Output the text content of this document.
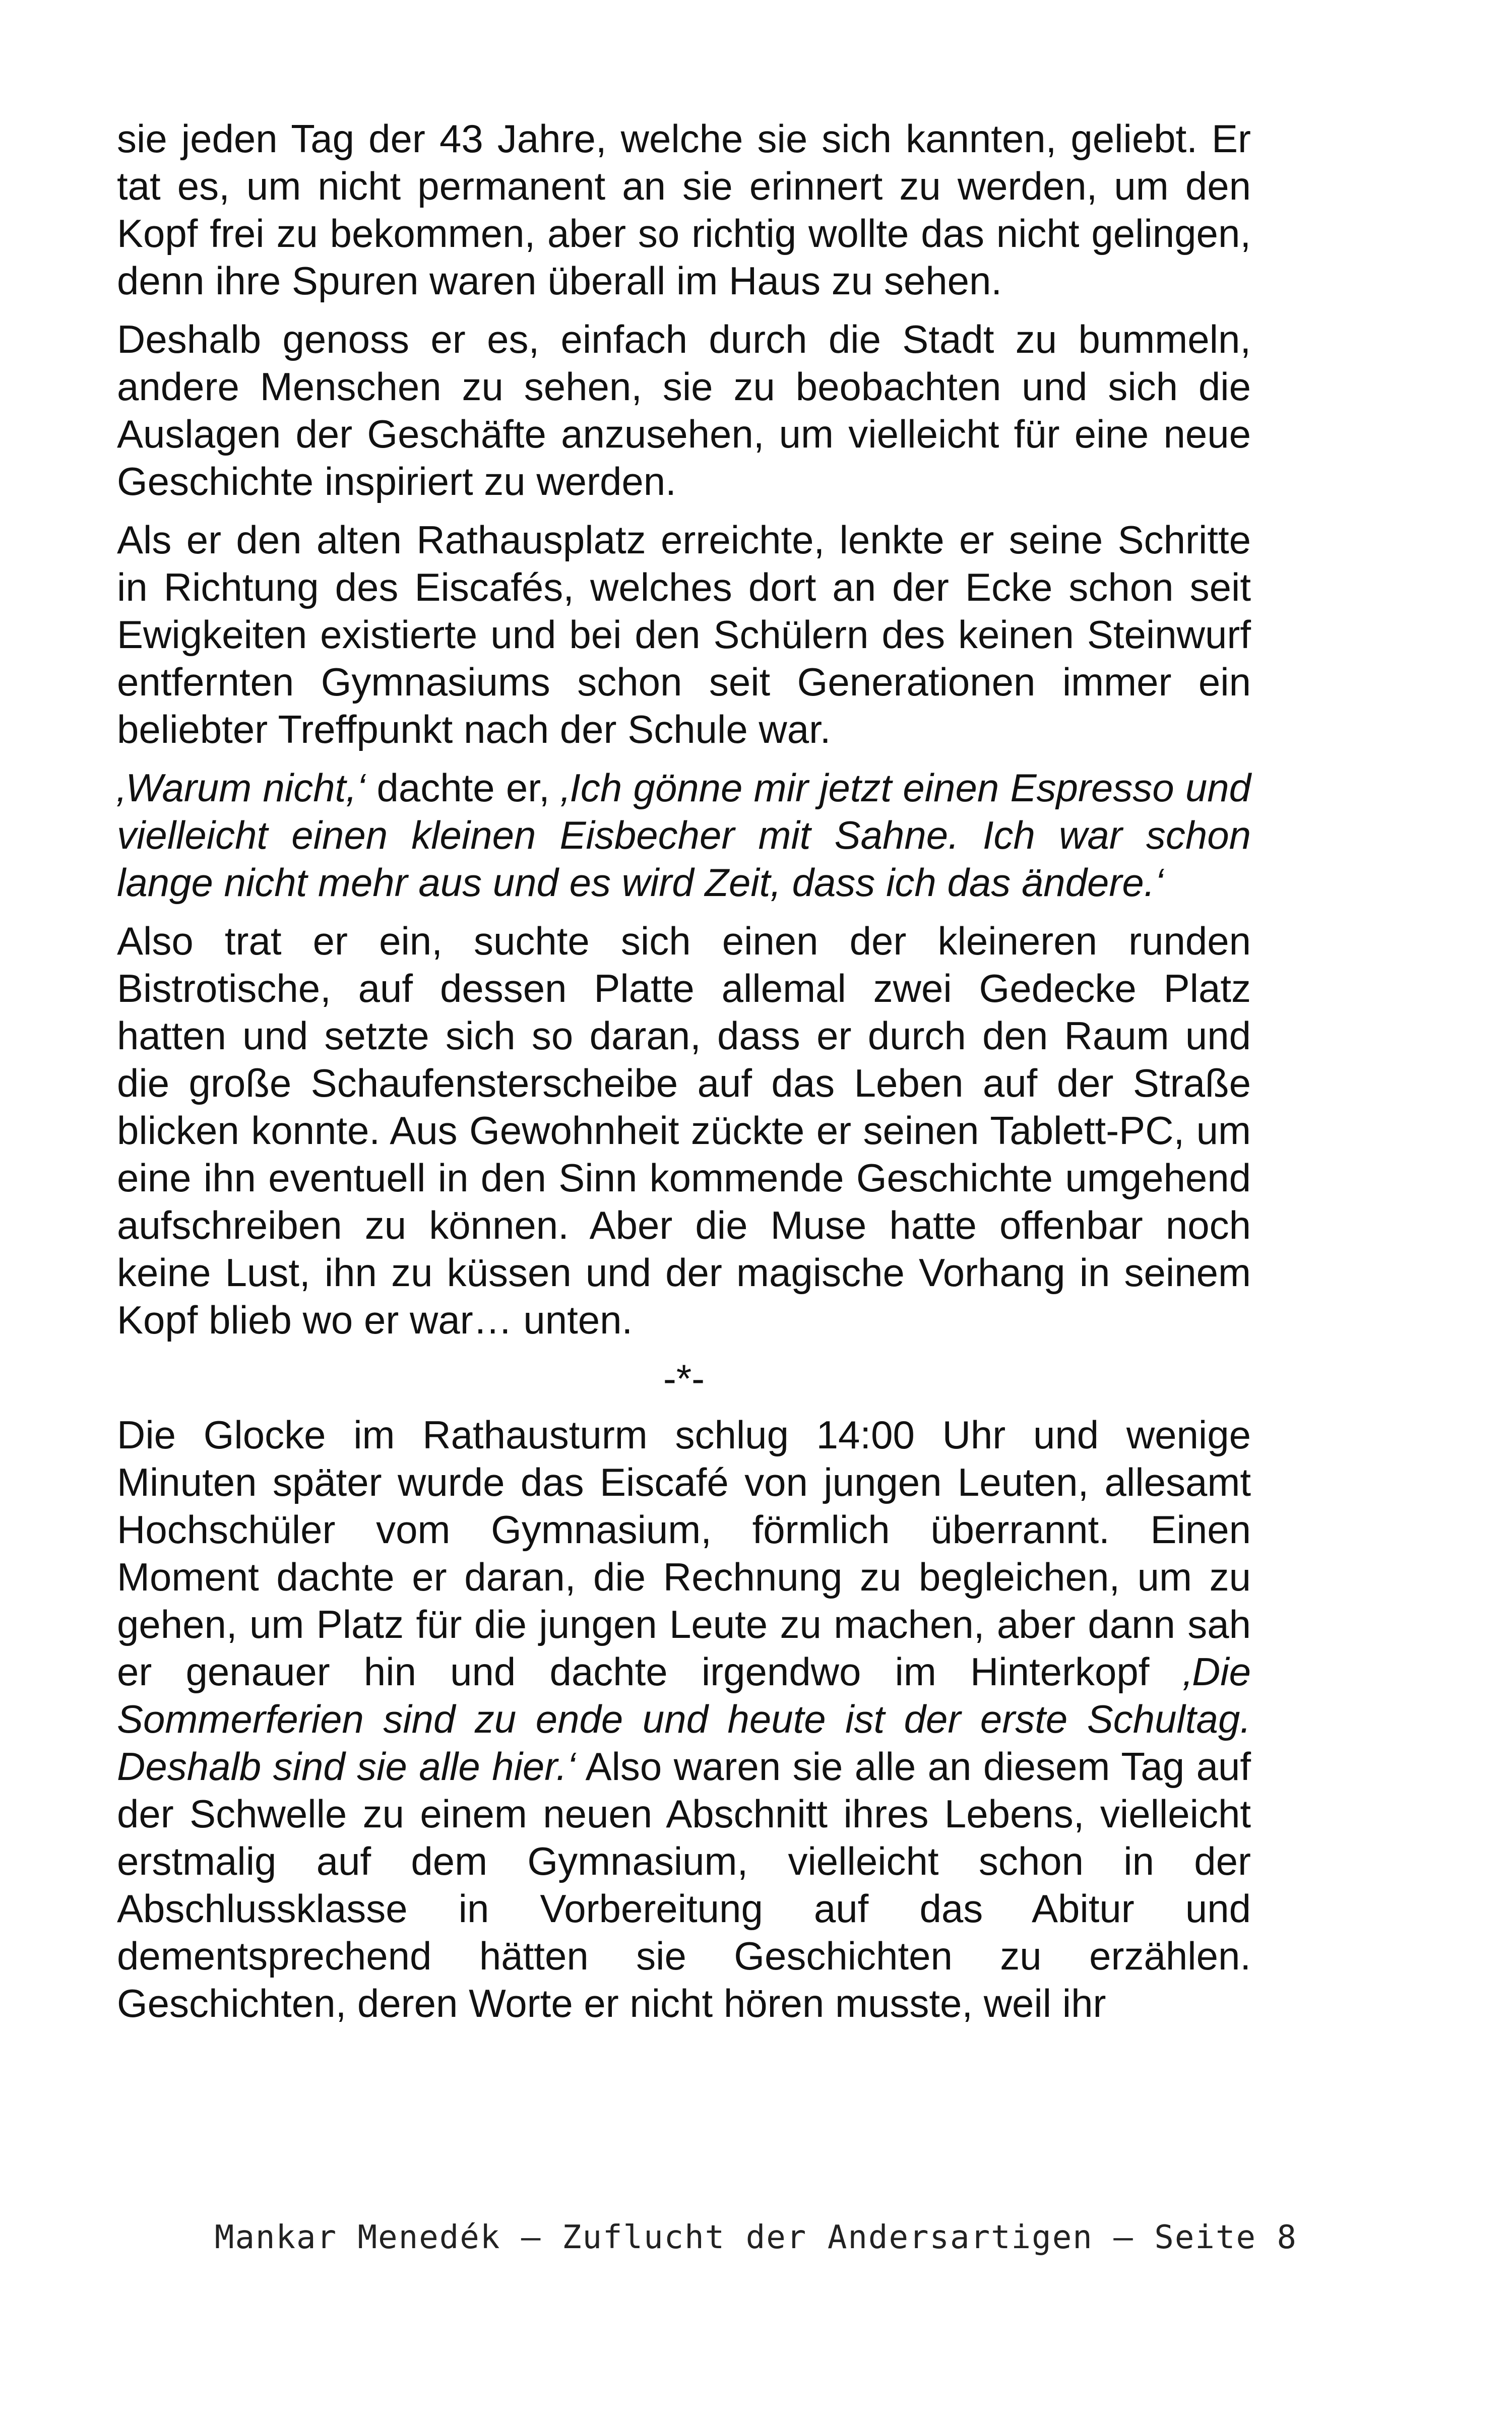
sie jeden Tag der 43 Jahre, welche sie sich kannten, geliebt. Er tat es, um nicht permanent an sie erinnert zu werden, um den Kopf frei zu bekommen, aber so richtig wollte das nicht gelingen, denn ihre Spuren waren überall im Haus zu sehen.

Deshalb genoss er es, einfach durch die Stadt zu bummeln, andere Menschen zu sehen, sie zu beobachten und sich die Auslagen der Geschäfte anzusehen, um vielleicht für eine neue Geschichte inspiriert zu werden.

Als er den alten Rathausplatz erreichte, lenkte er seine Schritte in Richtung des Eiscafés, welches dort an der Ecke schon seit Ewigkeiten existierte und bei den Schülern des keinen Steinwurf entfernten Gymnasiums schon seit Generationen immer ein beliebter Treffpunkt nach der Schule war.

‚Warum nicht,‘ dachte er, ‚Ich gönne mir jetzt einen Espresso und vielleicht einen kleinen Eisbecher mit Sahne. Ich war schon lange nicht mehr aus und es wird Zeit, dass ich das ändere.‘

Also trat er ein, suchte sich einen der kleineren runden Bistrotische, auf dessen Platte allemal zwei Gedecke Platz hatten und setzte sich so daran, dass er durch den Raum und die große Schaufensterscheibe auf das Leben auf der Straße blicken konnte. Aus Gewohnheit zückte er seinen Tablett-PC, um eine ihn eventuell in den Sinn kommende Geschichte umgehend aufschreiben zu können. Aber die Muse hatte offenbar noch keine Lust, ihn zu küssen und der magische Vorhang in seinem Kopf blieb wo er war… unten.

-*-

Die Glocke im Rathausturm schlug 14:00 Uhr und wenige Minuten später wurde das Eiscafé von jungen Leuten, allesamt Hochschüler vom Gymnasium, förmlich überrannt. Einen Moment dachte er daran, die Rechnung zu begleichen, um zu gehen, um Platz für die jungen Leute zu machen, aber dann sah er genauer hin und dachte irgendwo im Hinterkopf ‚Die Sommerferien sind zu ende und heute ist der erste Schultag. Deshalb sind sie alle hier.‘ Also waren sie alle an diesem Tag auf der Schwelle zu einem neuen Abschnitt ihres Lebens, vielleicht erstmalig auf dem Gymnasium, vielleicht schon in der Abschlussklasse in Vorbereitung auf das Abitur und dementsprechend hätten sie Geschichten zu erzählen. Geschichten, deren Worte er nicht hören musste, weil ihr

Mankar Menedék – Zuflucht der Andersartigen – Seite 8
